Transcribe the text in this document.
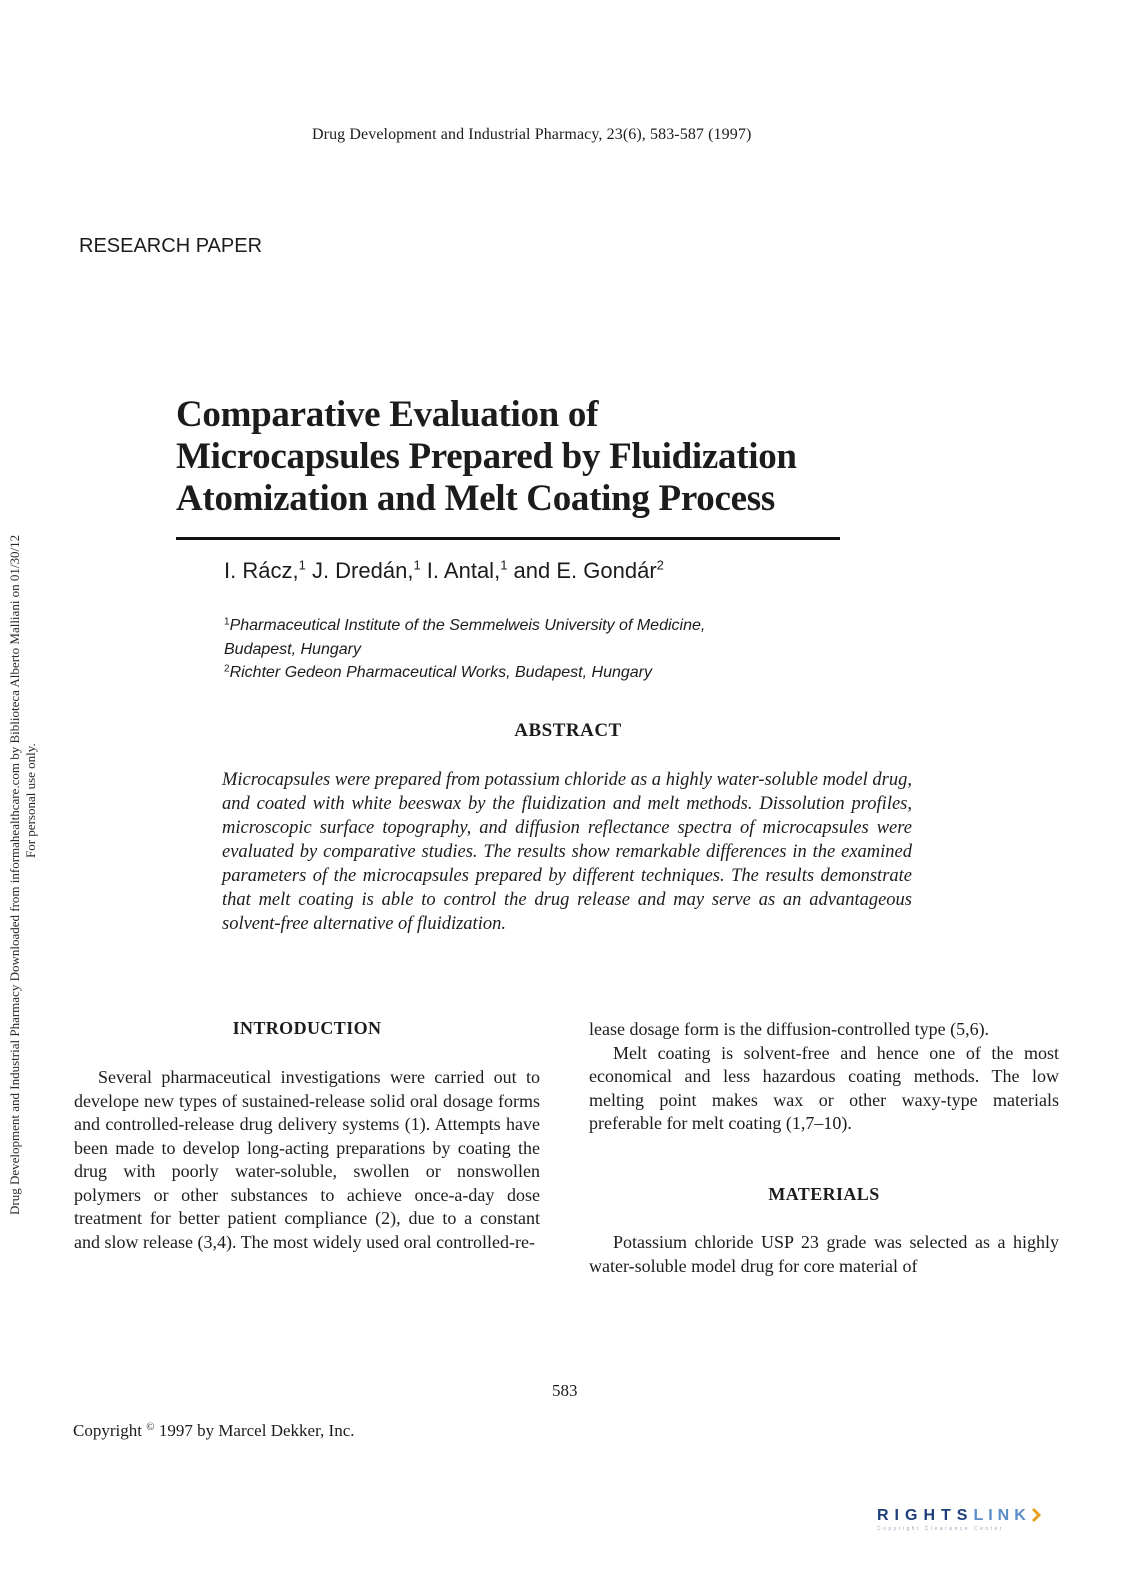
Drug Development and Industrial Pharmacy, 23(6), 583-587 (1997)
RESEARCH PAPER
Drug Development and Industrial Pharmacy Downloaded from informahealthcare.com by Biblioteca Alberto Malliani on 01/30/12 For personal use only.
Comparative Evaluation of
Microcapsules Prepared by Fluidization
Atomization and Melt Coating Process
I. Rácz,$^1$ J. Dredán,$^1$ I. Antal,$^1$ and E. Gondár$^2$
$^1$Pharmaceutical Institute of the Semmelweis University of Medicine,
Budapest, Hungary
$^2$Richter Gedeon Pharmaceutical Works, Budapest, Hungary
ABSTRACT
Microcapsules were prepared from potassium chloride as a highly water-soluble model drug, and coated with white beeswax by the fluidization and melt methods. Dissolution profiles, microscopic surface topography, and diffusion reflectance spectra of microcapsules were evaluated by comparative studies. The results show remarkable differences in the examined parameters of the microcapsules prepared by different techniques. The results demonstrate that melt coating is able to control the drug release and may serve as an advantageous solvent-free alternative of fluidization.
INTRODUCTION

Several pharmaceutical investigations were carried out to develope new types of sustained-release solid oral dosage forms and controlled-release drug delivery systems (1). Attempts have been made to develop long-acting preparations by coating the drug with poorly water-soluble, swollen or nonswollen polymers or other substances to achieve once-a-day dose treatment for better patient compliance (2), due to a constant and slow release (3,4). The most widely used oral controlled-re-

lease dosage form is the diffusion-controlled type (5,6).

Melt coating is solvent-free and hence one of the most economical and less hazardous coating methods. The low melting point makes wax or other waxy-type materials preferable for melt coating (1,7–10).

MATERIALS
Potassium chloride USP 23 grade was selected as a highly water-soluble model drug for core material of
583
Copyright © 1997 by Marcel Dekker, Inc.
RIGHTSLINK
Copyright Clearance Center
